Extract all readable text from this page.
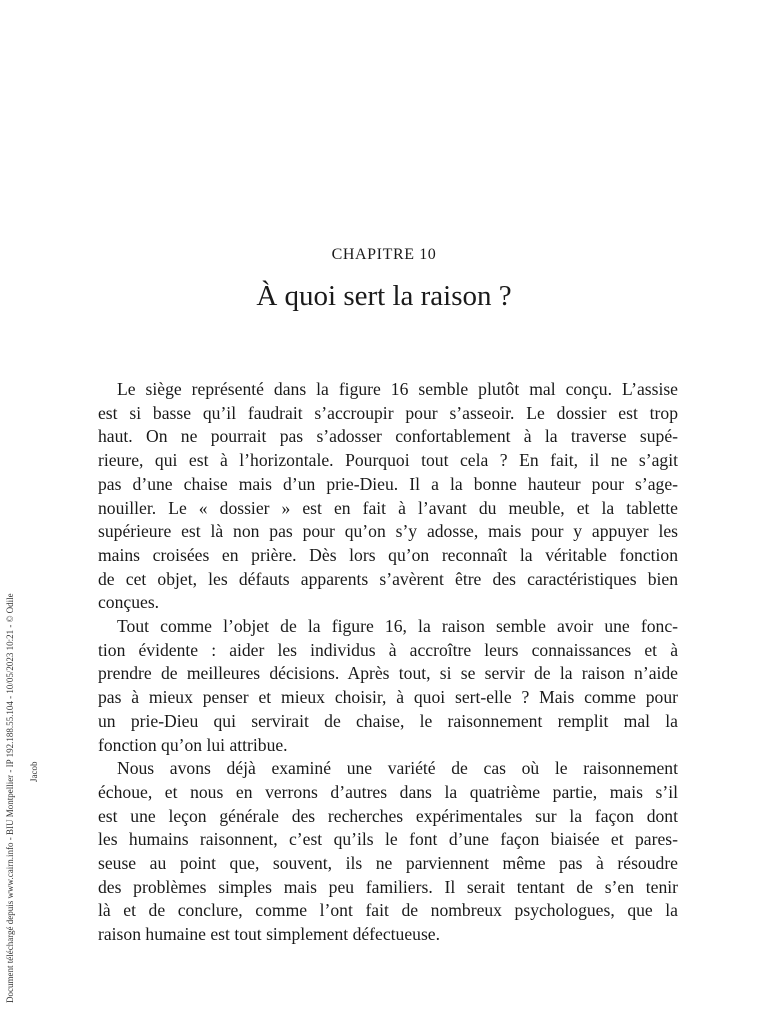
CHAPITRE 10
À quoi sert la raison ?
Le siège représenté dans la figure 16 semble plutôt mal conçu. L’assise
est si basse qu’il faudrait s’accroupir pour s’asseoir. Le dossier est trop
haut. On ne pourrait pas s’adosser confortablement à la traverse supé-
rieure, qui est à l’horizontale. Pourquoi tout cela ? En fait, il ne s’agit
pas d’une chaise mais d’un prie-Dieu. Il a la bonne hauteur pour s’age-
nouiller. Le « dossier » est en fait à l’avant du meuble, et la tablette
supérieure est là non pas pour qu’on s’y adosse, mais pour y appuyer les
mains croisées en prière. Dès lors qu’on reconnaît la véritable fonction
de cet objet, les défauts apparents s’avèrent être des caractéristiques bien
conçues.
Tout comme l’objet de la figure 16, la raison semble avoir une fonc-
tion évidente : aider les individus à accroître leurs connaissances et à
prendre de meilleures décisions. Après tout, si se servir de la raison n’aide
pas à mieux penser et mieux choisir, à quoi sert-elle ? Mais comme pour
un prie-Dieu qui servirait de chaise, le raisonnement remplit mal la
fonction qu’on lui attribue.
Nous avons déjà examiné une variété de cas où le raisonnement
échoue, et nous en verrons d’autres dans la quatrième partie, mais s’il
est une leçon générale des recherches expérimentales sur la façon dont
les humains raisonnent, c’est qu’ils le font d’une façon biaisée et pares-
seuse au point que, souvent, ils ne parviennent même pas à résoudre
des problèmes simples mais peu familiers. Il serait tentant de s’en tenir
là et de conclure, comme l’ont fait de nombreux psychologues, que la
raison humaine est tout simplement défectueuse.
Document téléchargé depuis www.cairn.info - BIU Montpellier - IP 192.188.55.104 - 10/05/2023 10:21 - © Odile Jacob
